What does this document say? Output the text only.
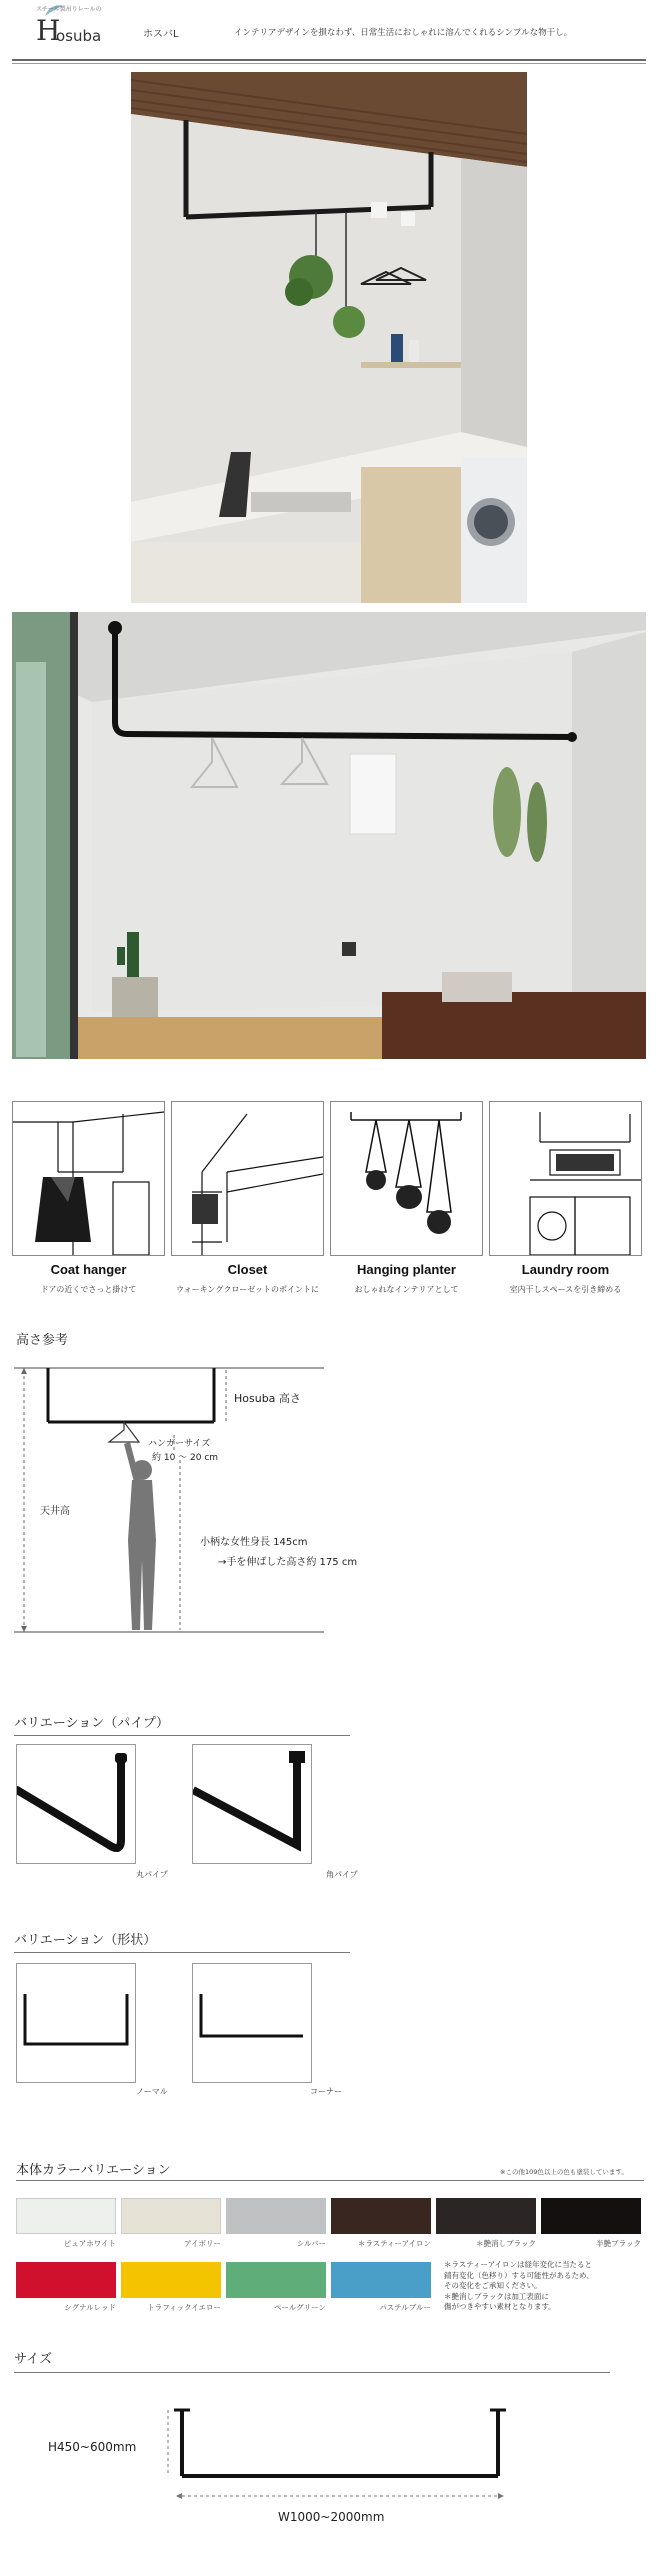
スチール製吊りレールの
H
osuba	ホスバL	インテリアデザインを損なわず、日常生活におしゃれに溶んでくれるシンプルな物干し。
Coat hanger	Closet	Hanging planter	Laundry room
ドアの近くでさっと掛けて	ウォーキングクローゼットのポイントに	おしゃれなインテリアとして	室内干しスペースを引き締める
高さ参考
Hosuba 高さ
ハンガーサイズ
約 10 ～ 20 cm
天井高
小柄な女性身長 145cm
→手を伸ばした高さ約 175 cm
バリエーション（パイプ）
丸パイプ	角パイプ
バリエーション（形状）
ノーマル	コーナー
本体カラーバリエーション	※この他109色以上の色も塗装しています。
ピュアホワイト	アイボリー	シルバー	＊ラスティーアイロン	＊艶消しブラック	半艶ブラック
シグナルレッド	トラフィックイエロー	ペールグリーン	パステルブルー
＊ラスティーアイロンは経年変化に当たると
錆有変化（色移り）する可能性があるため、
その変化をご承知ください。
＊艶消しブラックは加工表面に
傷がつきやすい素材となります。
サイズ
H450~600mm
W1000~2000mm
